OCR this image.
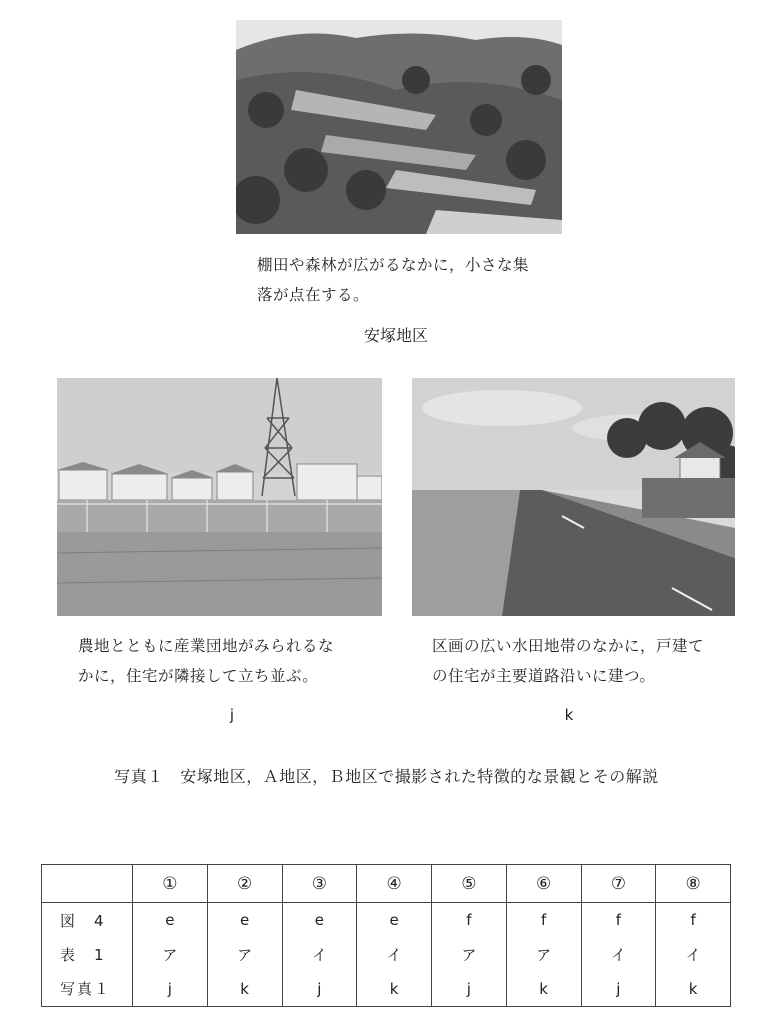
棚田や森林が広がるなかに，小さな集
落が点在する。
安塚地区
農地とともに産業団地がみられるな
かに，住宅が隣接して立ち並ぶ。
区画の広い水田地帯のなかに，戸建て
の住宅が主要道路沿いに建つ。
j	k
写真１　安塚地区，Ａ地区，Ｂ地区で撮影された特徴的な景観とその解説
	①	②	③	④	⑤	⑥	⑦	⑧
図　4	e	e	e	e	f	f	f	f
表　1	ア	ア	イ	イ	ア	ア	イ	イ
写真１	j	k	j	k	j	k	j	k
